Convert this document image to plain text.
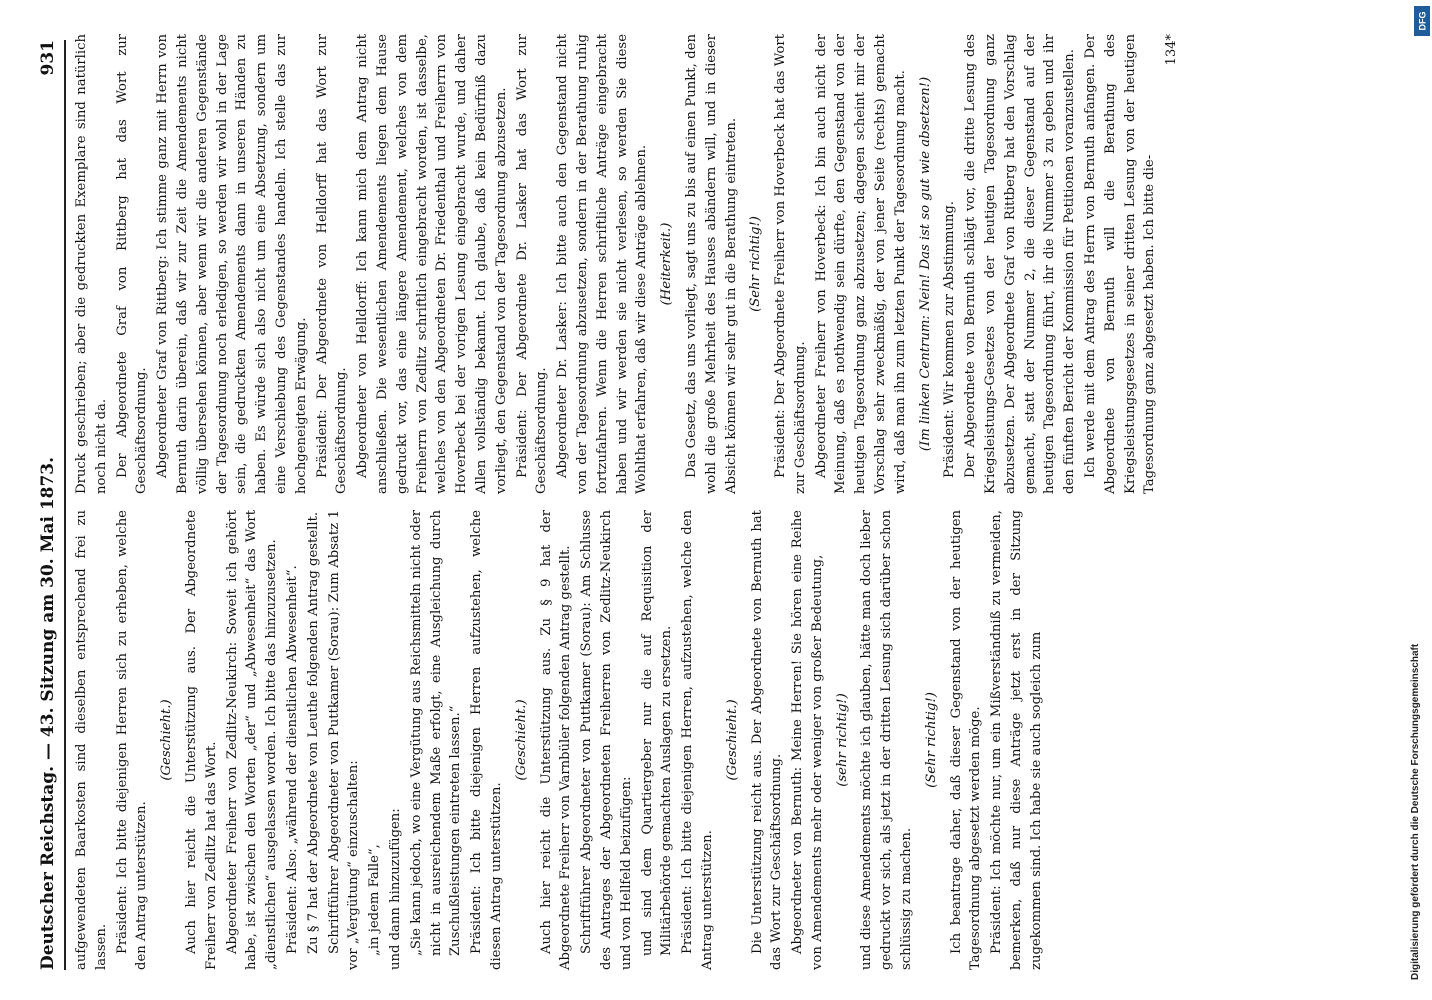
Deutscher Reichstag. — 43. Sitzung am 30. Mai 1873.
931

aufgewendeten Baarkosten sind dieselben entsprechend frei zu lassen. Präsident: Ich bitte diejenigen Herren sich zu erheben, welche den Antrag unterstützen.

(Geschieht.) Auch hier reicht die Unterstützung aus. Der Abgeordnete Freiherr von Zedlitz hat das Wort. Abgeordneter Freiherr von Zedlitz-Neukirch: Soweit ich gehört habe, ist zwischen den Worten „der“ und „Abwesenheit“ das Wort „dienstlichen“ ausgelassen worden. Ich bitte das hinzuzusetzen. Präsident: Also: „während der dienstlichen Abwesenheit“. Zu § 7 hat der Abgeordnete von Leuthe folgenden Antrag gestellt. Schriftführer Abgeordneter von Puttkamer (Sorau): Zum Absatz 1 vor „Vergütung“ einzuschalten: „in jedem Falle“, und dann hinzuzufügen: „Sie kann jedoch, wo eine Vergütung aus Reichsmitteln nicht oder nicht in ausreichendem Maße erfolgt, eine Ausgleichung durch Zuschußleistungen eintreten lassen.“ Präsident: Ich bitte diejenigen Herren aufzustehen, welche diesen Antrag unterstützen.

(Geschieht.) Auch hier reicht die Unterstützung aus. Zu § 9 hat der Abgeordnete Freiherr von Varnbüler folgenden Antrag gestellt. Schriftführer Abgeordneter von Puttkamer (Sorau): Am Schlusse des Antrages der Abgeordneten Freiherren von Zedlitz-Neukirch und von Hellfeld beizufügen: und sind dem Quartiergeber nur die auf Requisition der Militärbehörde gemachten Auslagen zu ersetzen. Präsident: Ich bitte diejenigen Herren, aufzustehen, welche den Antrag unterstützen.

(Geschieht.) Die Unterstützung reicht aus. Der Abgeordnete von Bernuth hat das Wort zur Geschäftsordnung. Abgeordneter von Bernuth: Meine Herren! Sie hören eine Reihe von Amendements mehr oder weniger von großer Bedeutung, (sehr richtig!) und diese Amendements möchte ich glauben, hätte man doch lieber gedruckt vor sich, als jetzt in der dritten Lesung sich darüber schon schlüssig zu machen.

(Sehr richtig!) Ich beantrage daher, daß dieser Gegenstand von der heutigen Tagesordnung abgesetzt werden möge. Präsident: Ich möchte nur, um ein Mißverständniß zu vermeiden, bemerken, daß nur diese Anträge jetzt erst in der Sitzung zugekommen sind. Ich habe sie auch sogleich zum

Druck geschrieben; aber die gedruckten Exemplare sind natürlich noch nicht da. Der Abgeordnete Graf von Rittberg hat das Wort zur Geschäftsordnung. Abgeordneter Graf von Rittberg: Ich stimme ganz mit Herrn von Bernuth darin überein, daß wir zur Zeit die Amendements nicht völlig übersehen können, aber wenn wir die anderen Gegenstände der Tagesordnung noch erledigen, so werden wir wohl in der Lage sein, die gedruckten Amendements dann in unseren Händen zu haben. Es würde sich also nicht um eine Absetzung, sondern um eine Verschiebung des Gegenstandes handeln. Ich stelle das zur hochgeneigten Erwägung. Präsident: Der Abgeordnete von Helldorff hat das Wort zur Geschäftsordnung. Abgeordneter von Helldorff: Ich kann mich dem Antrag nicht anschließen. Die wesentlichen Amendements liegen dem Hause gedruckt vor, das eine längere Amendement, welches von dem Freiherrn von Zedlitz schriftlich eingebracht worden, ist dasselbe, welches von den Abgeordneten Dr. Friedenthal und Freiherrn von Hoverbeck bei der vorigen Lesung eingebracht wurde, und daher Allen vollständig bekannt. Ich glaube, daß kein Bedürfniß dazu vorliegt, den Gegenstand von der Tagesordnung abzusetzen. Präsident: Der Abgeordnete Dr. Lasker hat das Wort zur Geschäftsordnung. Abgeordneter Dr. Lasker: Ich bitte auch den Gegenstand nicht von der Tagesordnung abzusetzen, sondern in der Berathung ruhig fortzufahren. Wenn die Herren schriftliche Anträge eingebracht haben und wir werden sie nicht verlesen, so werden Sie diese Wohlthat erfahren, daß wir diese Anträge ablehnen. (Heiterkeit.) Das Gesetz, das uns vorliegt, sagt uns zu bis auf einen Punkt, den wohl die große Mehrheit des Hauses abändern will, und in dieser Absicht können wir sehr gut in die Berathung eintreten. (Sehr richtig!) Präsident: Der Abgeordnete Freiherr von Hoverbeck hat das Wort zur Geschäftsordnung. Abgeordneter Freiherr von Hoverbeck: Ich bin auch nicht der Meinung, daß es nothwendig sein dürfte, den Gegenstand von der heutigen Tagesordnung ganz abzusetzen; dagegen scheint mir der Vorschlag sehr zweckmäßig, der von jener Seite (rechts) gemacht wird, daß man ihn zum letzten Punkt der Tagesordnung macht. (Im linken Centrum: Nein! Das ist so gut wie absetzen!) Präsident: Wir kommen zur Abstimmung. Der Abgeordnete von Bernuth schlägt vor, die dritte Lesung des Kriegsleistungs-Gesetzes von der heutigen Tagesordnung ganz abzusetzen. Der Abgeordnete Graf von Rittberg hat den Vorschlag gemacht, statt der Nummer 2, die dieser Gegenstand auf der heutigen Tagesordnung führt, ihr die Nummer 3 zu geben und ihr den fünften Bericht der Kommission für Petitionen voranzustellen. Ich werde mit dem Antrag des Herrn von Bernuth anfangen. Der Abgeordnete von Bernuth will die Berathung des Kriegsleistungsgesetzes in seiner dritten Lesung von der heutigen Tagesordnung ganz abgesetzt haben. Ich bitte die-

134*
Digitalisierung gefördert durch die Deutsche Forschungsgemeinschaft
DFG
